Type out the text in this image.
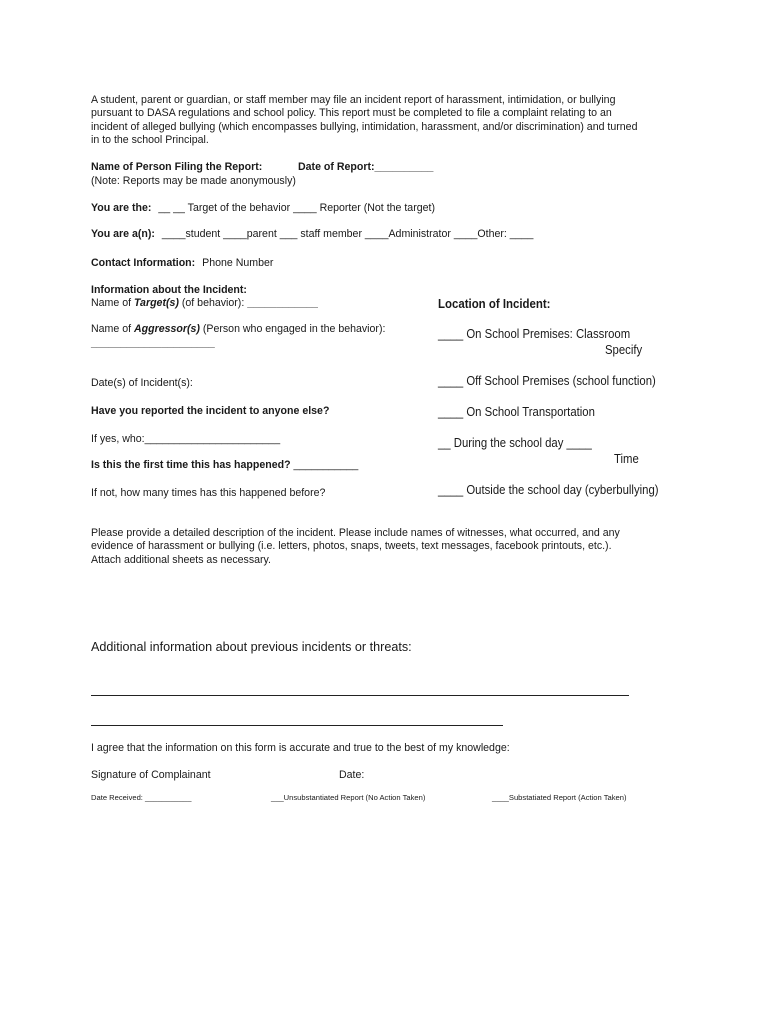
A student, parent or guardian, or staff member may file an incident report of harassment, intimidation, or bullying
pursuant to DASA regulations and school policy. This report must be completed to file a complaint relating to an
incident of alleged bullying (which encompasses bullying, intimidation, harassment, and/or discrimination) and turned
in to the school Principal.
Name of Person Filing the Report:	Date of Report:__________
(Note: Reports may be made anonymously)
You are the: __ __ Target of the behavior ____ Reporter (Not the target)
You are a(n): ____student ____parent ___ staff member ____Administrator ____Other: ____
Contact Information: Phone Number
Information about the Incident:
Name of Target(s) (of behavior): ____________
Name of Aggressor(s) (Person who engaged in the behavior):
_____________________
Date(s) of Incident(s):
Have you reported the incident to anyone else?
If yes, who:_______________________
Is this the first time this has happened? ___________
If not, how many times has this happened before?
Location of Incident:
____ On School Premises: Classroom
Specify
____ Off School Premises (school function)
____ On School Transportation
__ During the school day ____
Time
____ Outside the school day (cyberbullying)
Please provide a detailed description of the incident. Please include names of witnesses, what occurred, and any
evidence of harassment or bullying (i.e. letters, photos, snaps, tweets, text messages, facebook printouts, etc.).
Attach additional sheets as necessary.
Additional information about previous incidents or threats:
I agree that the information on this form is accurate and true to the best of my knowledge:
Signature of Complainant	Date:
Date Received: ___________	___Unsubstantiated Report (No Action Taken)	____Substatiated Report (Action Taken)
